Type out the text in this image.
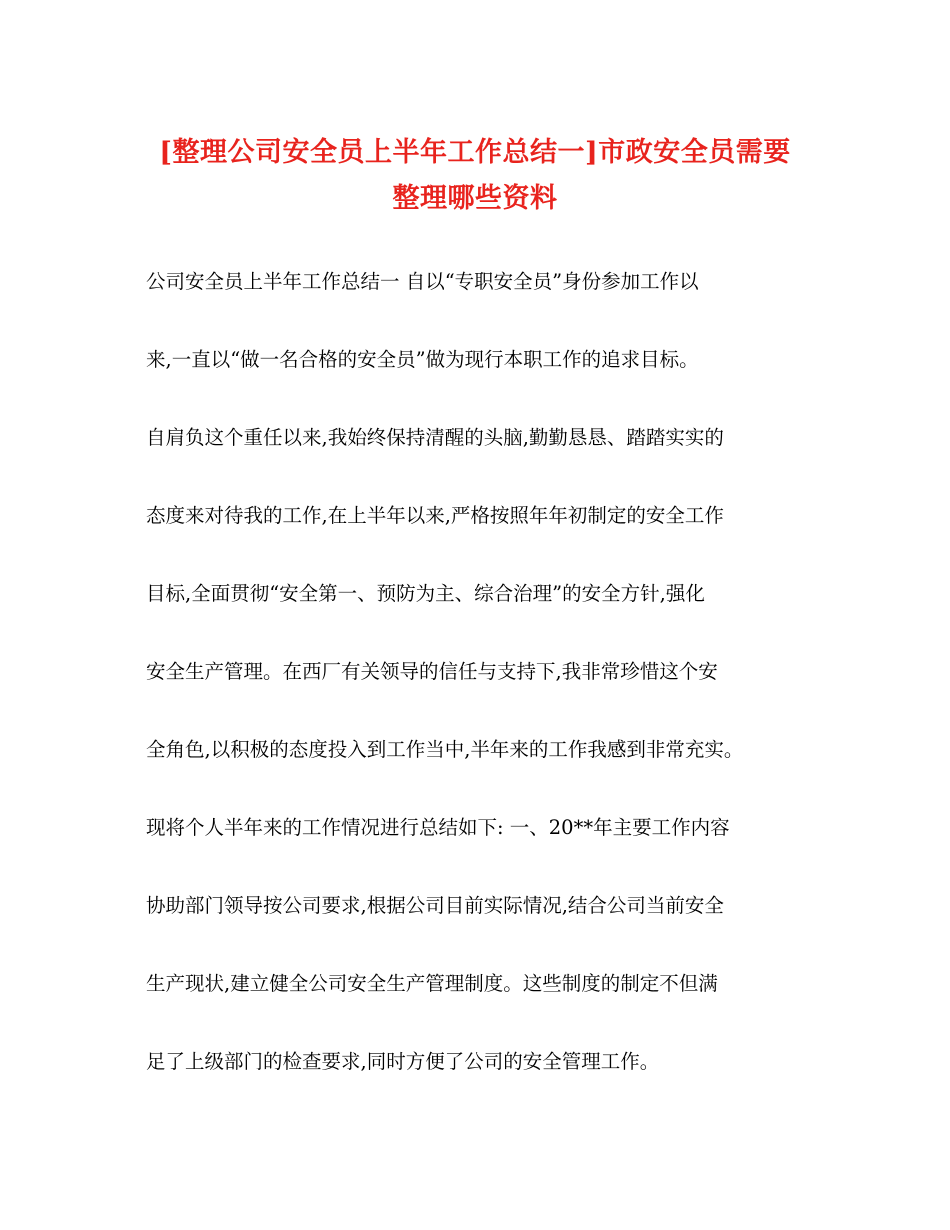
[整理公司安全员上半年工作总结一]市政安全员需要
整理哪些资料
公司安全员上半年工作总结一 自以“专职安全员”身份参加工作以
来,一直以“做一名合格的安全员”做为现行本职工作的追求目标。
自肩负这个重任以来,我始终保持清醒的头脑,勤勤恳恳、踏踏实实的
态度来对待我的工作,在上半年以来,严格按照年年初制定的安全工作
目标,全面贯彻“安全第一、预防为主、综合治理”的安全方针,强化
安全生产管理。在西厂有关领导的信任与支持下,我非常珍惜这个安
全角色,以积极的态度投入到工作当中,半年来的工作我感到非常充实。
现将个人半年来的工作情况进行总结如下: 一、20**年主要工作内容
协助部门领导按公司要求,根据公司目前实际情况,结合公司当前安全
生产现状,建立健全公司安全生产管理制度。这些制度的制定不但满
足了上级部门的检查要求,同时方便了公司的安全管理工作。
